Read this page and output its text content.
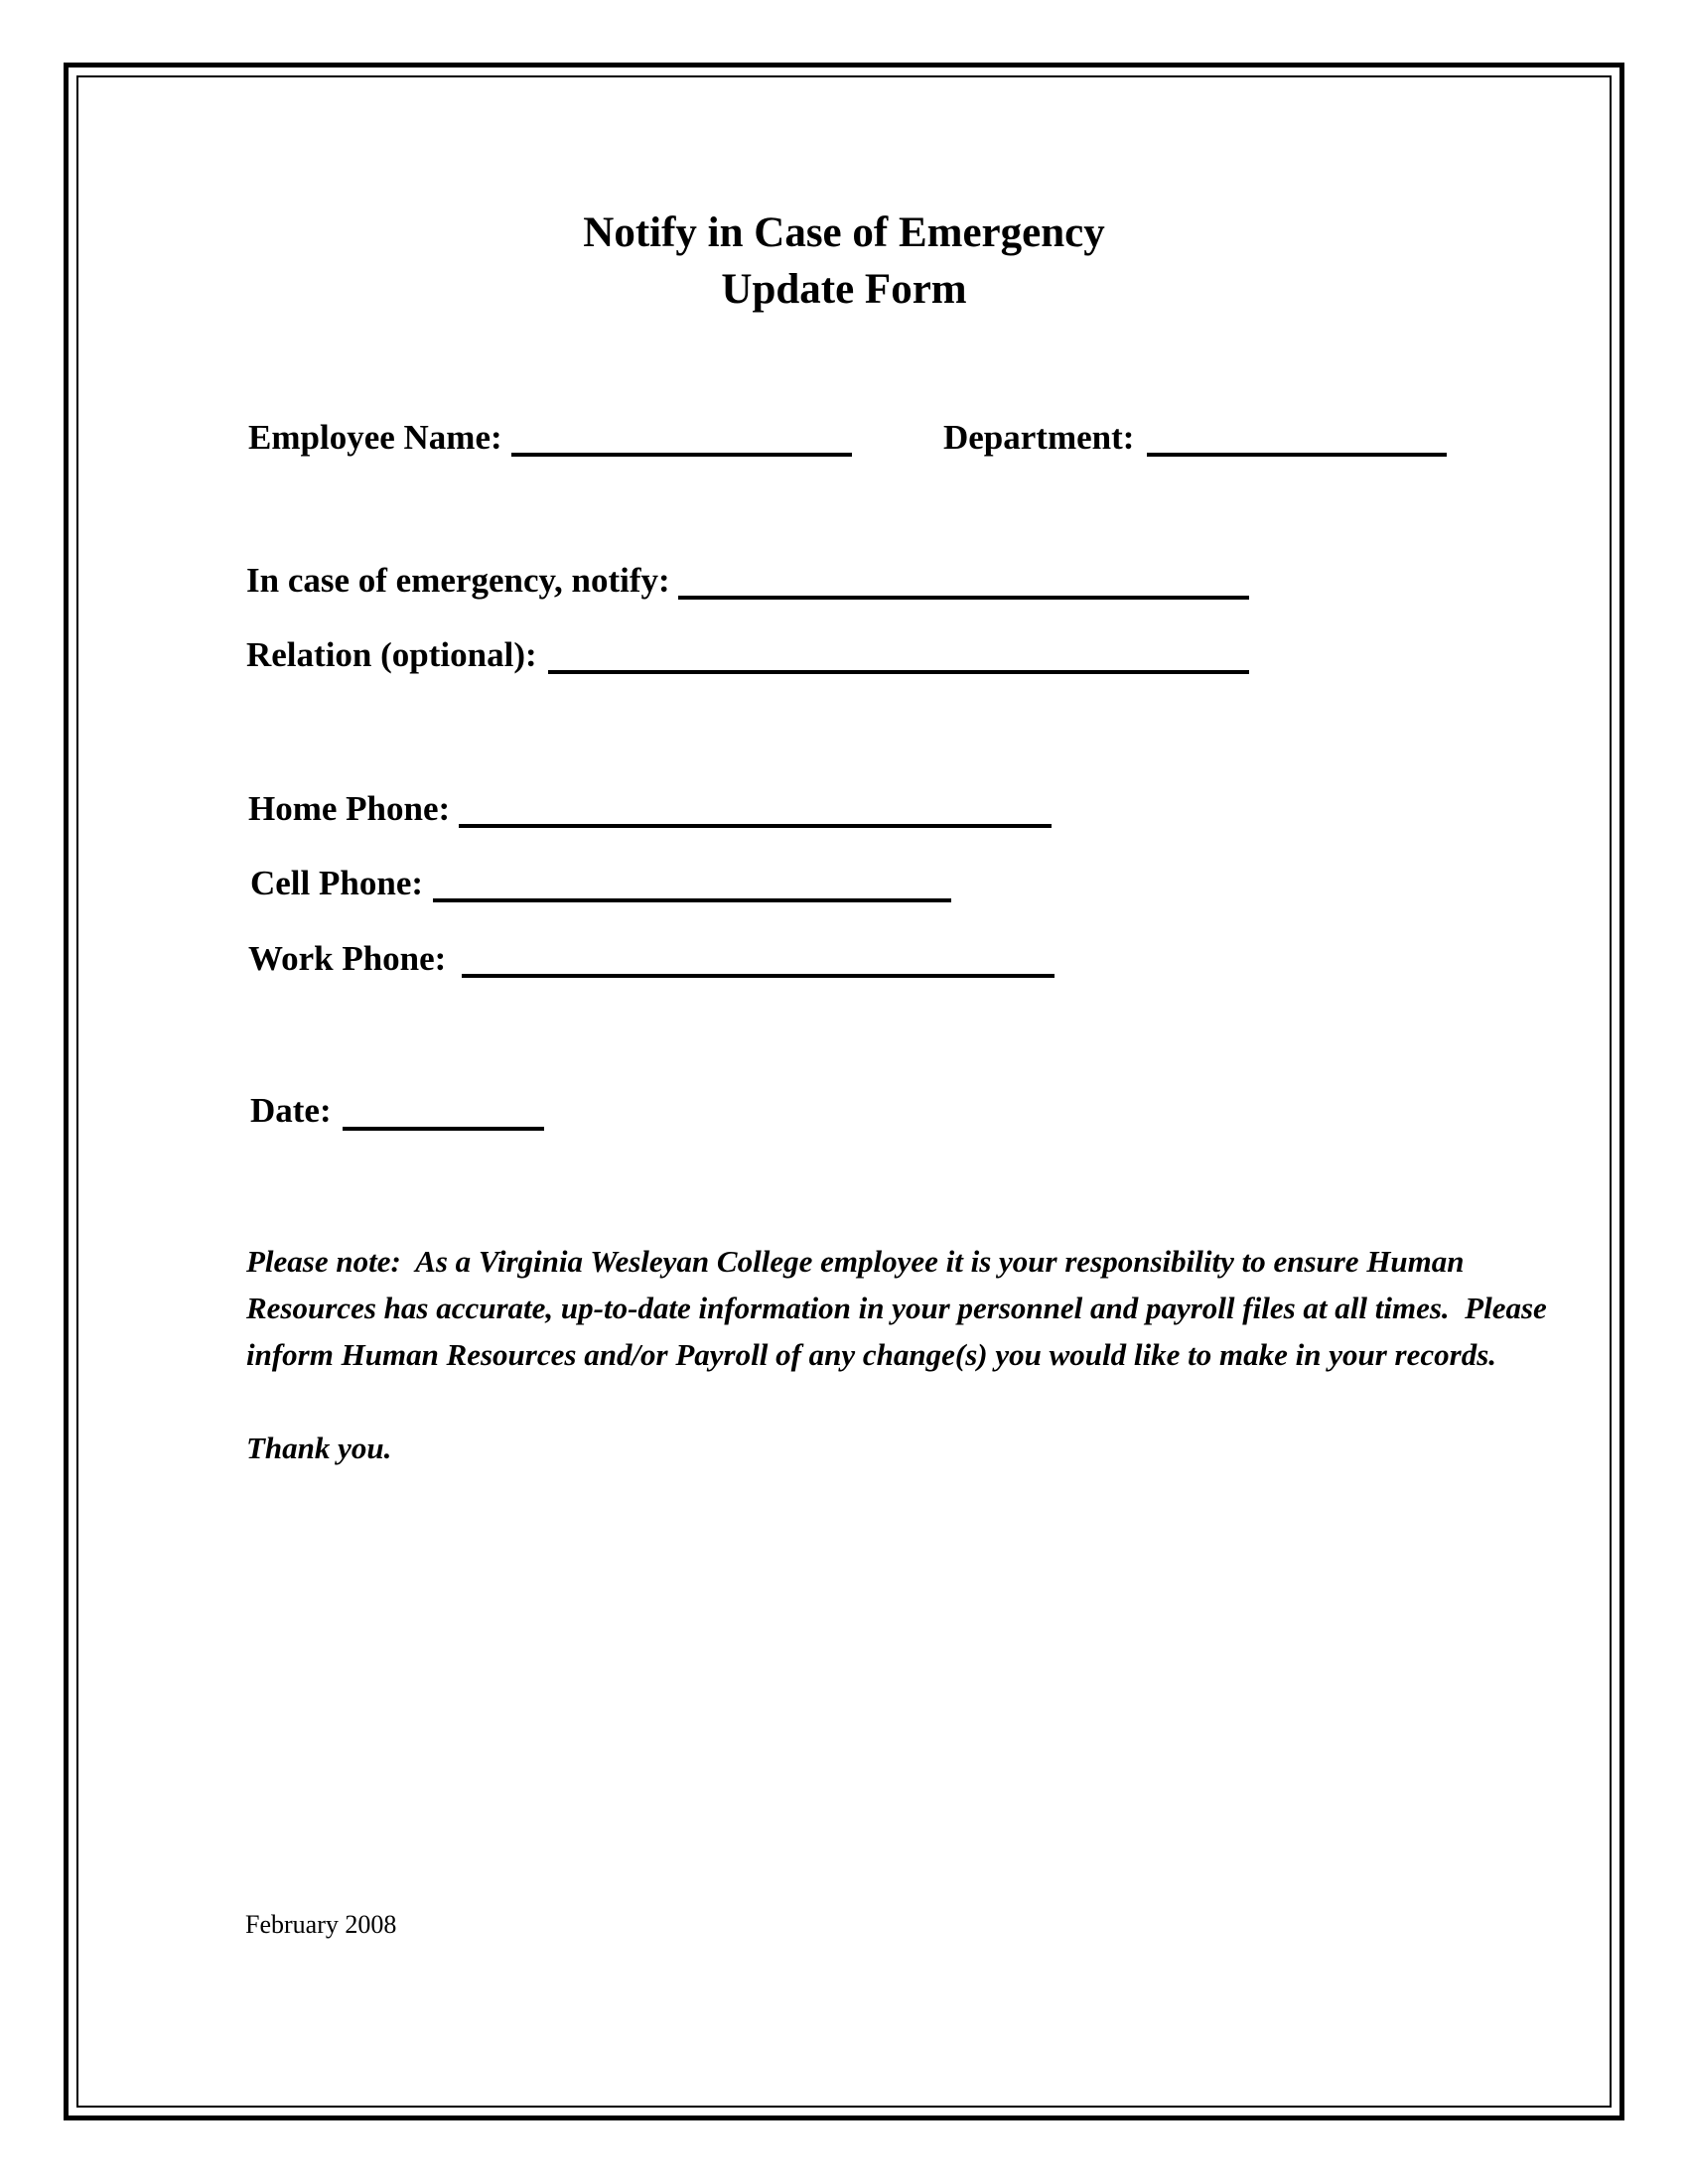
Notify in Case of Emergency
Update Form
Employee Name:	Department:
In case of emergency, notify:
Relation (optional):
Home Phone:
Cell Phone:
Work Phone:
Date:
Please note:  As a Virginia Wesleyan College employee it is your responsibility to ensure Human
Resources has accurate, up-to-date information in your personnel and payroll files at all times.  Please
inform Human Resources and/or Payroll of any change(s) you would like to make in your records.
Thank you.
February 2008
